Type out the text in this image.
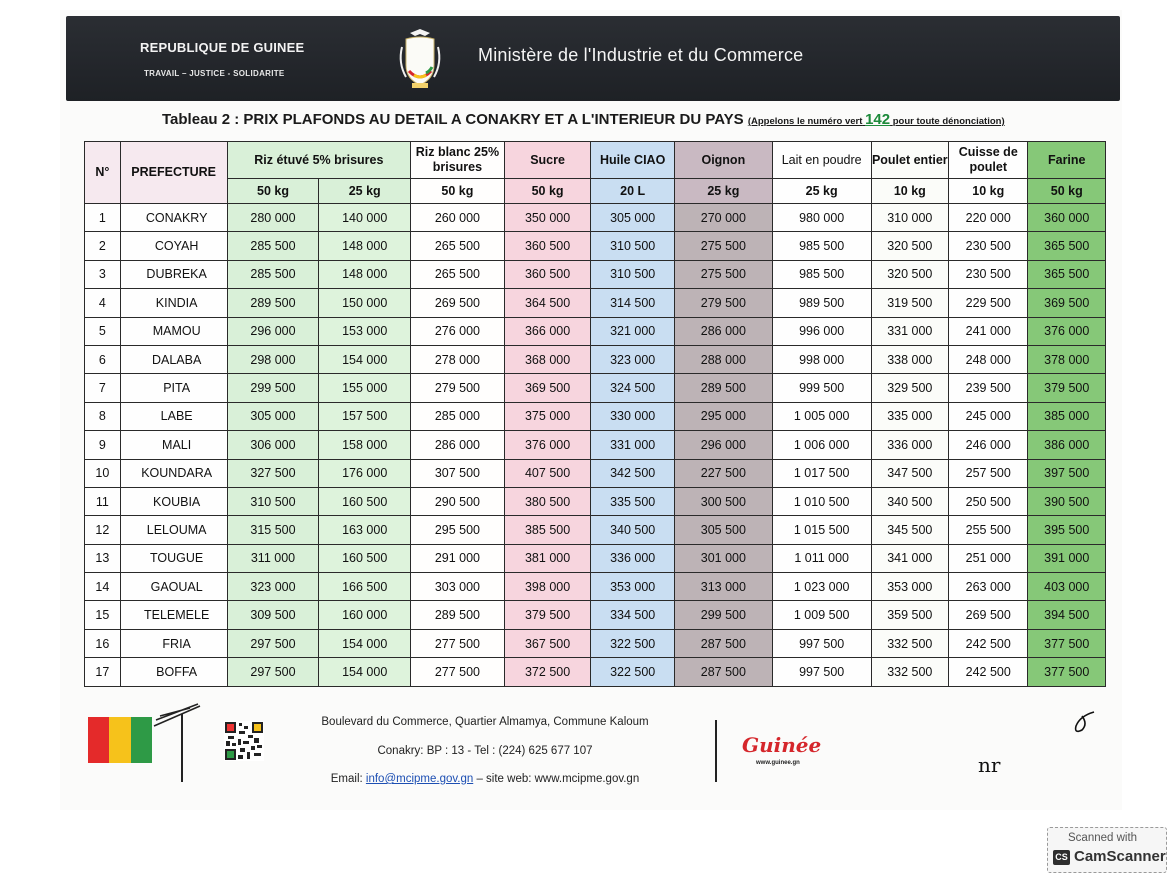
REPUBLIQUE DE GUINEE
TRAVAIL – JUSTICE - SOLIDARITE
Ministère de l'Industrie et du Commerce
Tableau 2 : PRIX PLAFONDS AU DETAIL A CONAKRY ET A L'INTERIEUR DU PAYS (Appelons le numéro vert 142 pour toute dénonciation)
N°	PREFECTURE	Riz étuvé 5% brisures		Riz blanc 25% brisures	Sucre	Huile CIAO	Oignon	Lait en poudre	Poulet entier	Cuisse de poulet	Farine
		50 kg	25 kg	50 kg	50 kg	20 L	25 kg	25 kg	10 kg	10 kg	50 kg
1	CONAKRY	280 000	140 000	260 000	350 000	305 000	270 000	980 000	310 000	220 000	360 000
2	COYAH	285 500	148 000	265 500	360 500	310 500	275 500	985 500	320 500	230 500	365 500
3	DUBREKA	285 500	148 000	265 500	360 500	310 500	275 500	985 500	320 500	230 500	365 500
4	KINDIA	289 500	150 000	269 500	364 500	314 500	279 500	989 500	319 500	229 500	369 500
5	MAMOU	296 000	153 000	276 000	366 000	321 000	286 000	996 000	331 000	241 000	376 000
6	DALABA	298 000	154 000	278 000	368 000	323 000	288 000	998 000	338 000	248 000	378 000
7	PITA	299 500	155 000	279 500	369 500	324 500	289 500	999 500	329 500	239 500	379 500
8	LABE	305 000	157 500	285 000	375 000	330 000	295 000	1 005 000	335 000	245 000	385 000
9	MALI	306 000	158 000	286 000	376 000	331 000	296 000	1 006 000	336 000	246 000	386 000
10	KOUNDARA	327 500	176 000	307 500	407 500	342 500	227 500	1 017 500	347 500	257 500	397 500
11	KOUBIA	310 500	160 500	290 500	380 500	335 500	300 500	1 010 500	340 500	250 500	390 500
12	LELOUMA	315 500	163 000	295 500	385 500	340 500	305 500	1 015 500	345 500	255 500	395 500
13	TOUGUE	311 000	160 500	291 000	381 000	336 000	301 000	1 011 000	341 000	251 000	391 000
14	GAOUAL	323 000	166 500	303 000	398 000	353 000	313 000	1 023 000	353 000	263 000	403 000
15	TELEMELE	309 500	160 000	289 500	379 500	334 500	299 500	1 009 500	359 500	269 500	394 500
16	FRIA	297 500	154 000	277 500	367 500	322 500	287 500	997 500	332 500	242 500	377 500
17	BOFFA	297 500	154 000	277 500	372 500	322 500	287 500	997 500	332 500	242 500	377 500
Boulevard du Commerce, Quartier Almamya, Commune Kaloum
Conakry: BP : 13 - Tel : (224) 625 677 107
Email: info@mcipme.gov.gn – site web: www.mcipme.gov.gn
Guinée
www.guinee.gn	nr
Scanned with
CS CamScanner
